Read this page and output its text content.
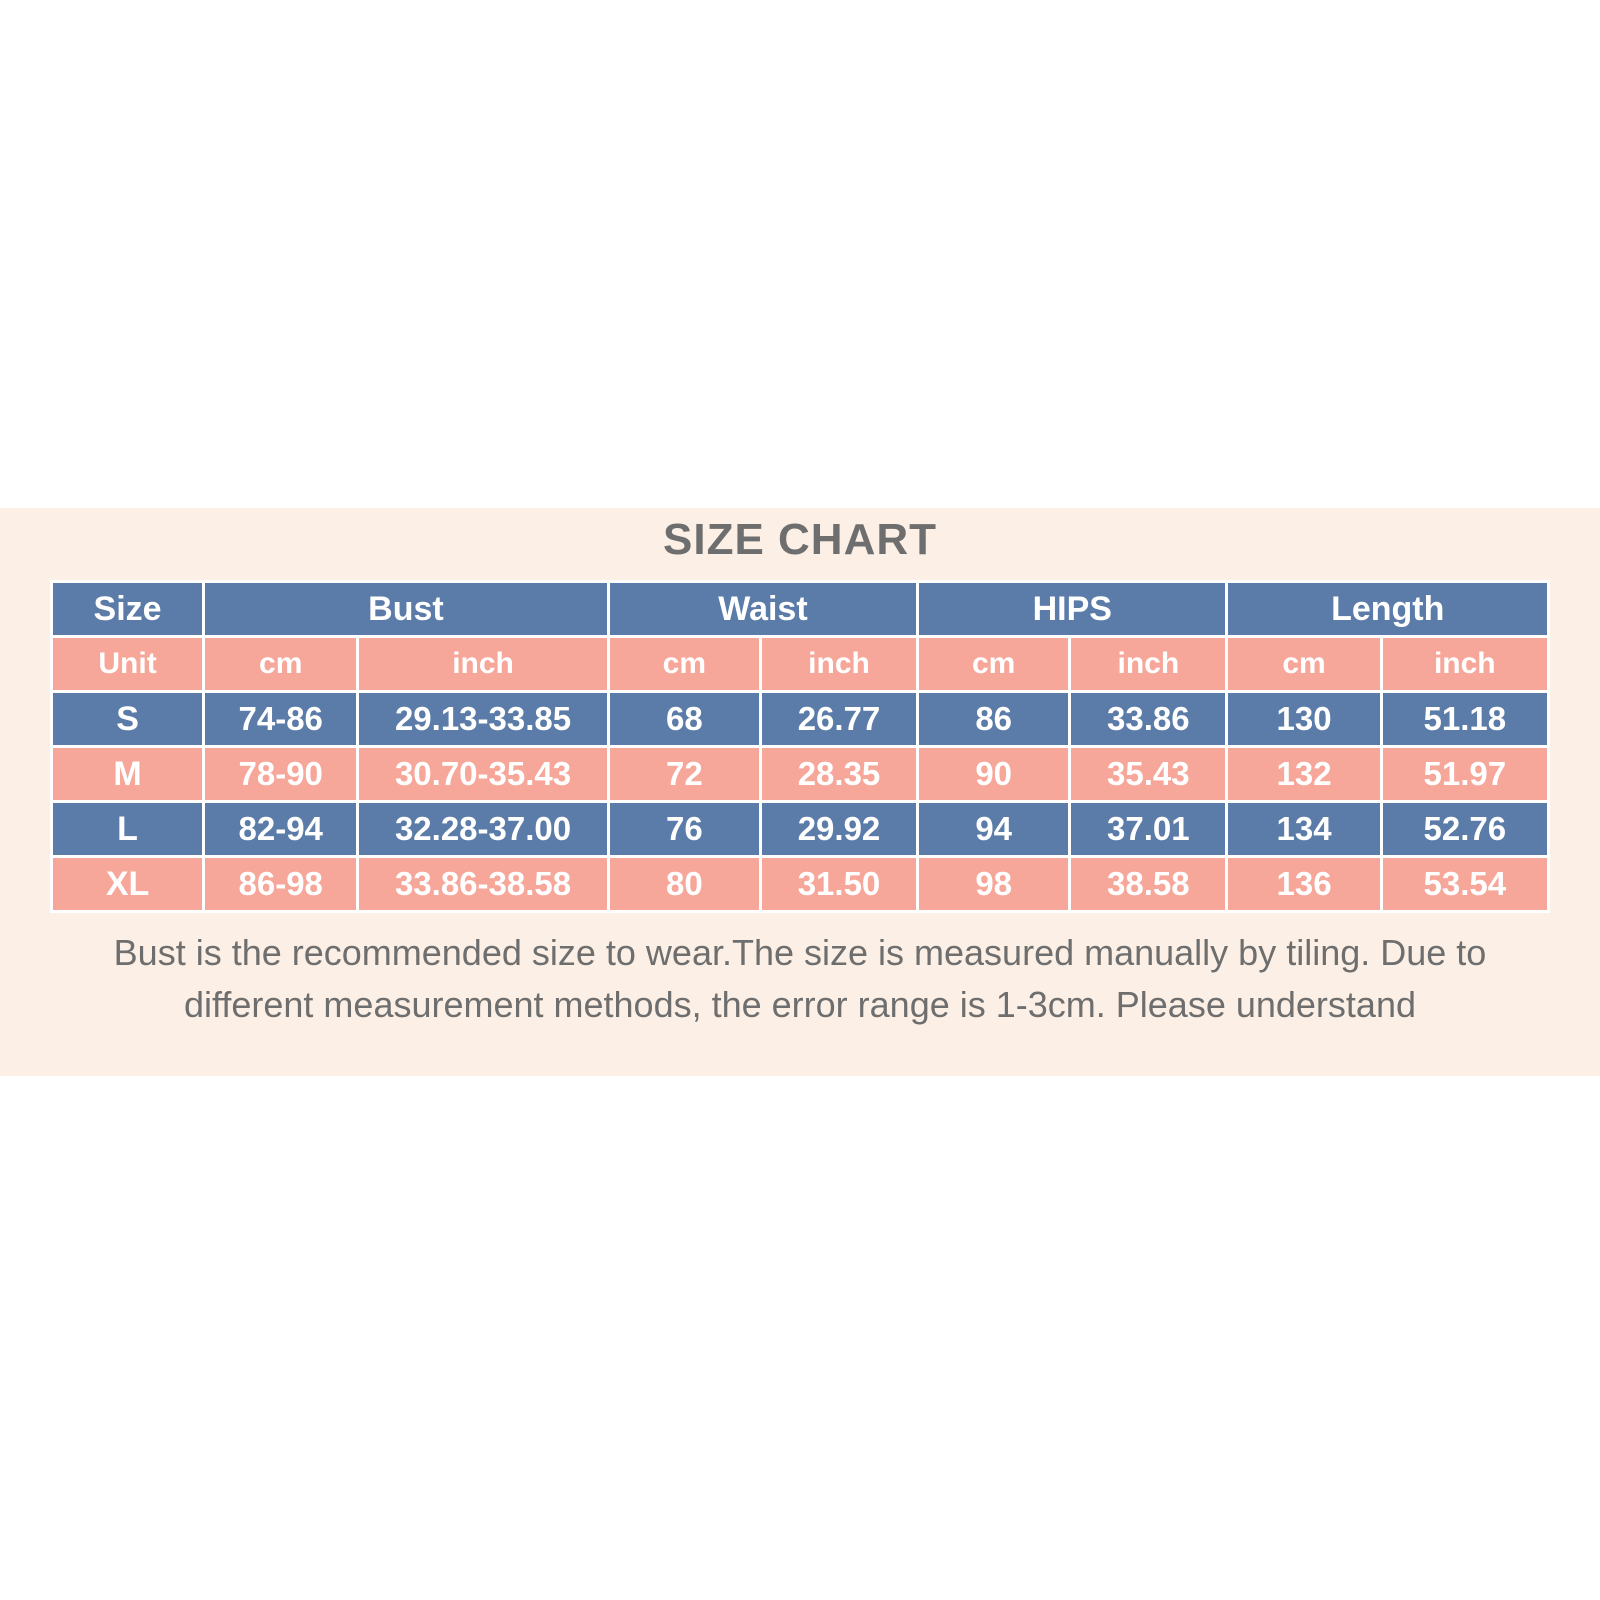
SIZE CHART
Size	Bust		Waist		HIPS		Length	
Unit	cm	inch	cm	inch	cm	inch	cm	inch
S	74-86	29.13-33.85	68	26.77	86	33.86	130	51.18
M	78-90	30.70-35.43	72	28.35	90	35.43	132	51.97
L	82-94	32.28-37.00	76	29.92	94	37.01	134	52.76
XL	86-98	33.86-38.58	80	31.50	98	38.58	136	53.54
Bust is the recommended size to wear.The size is measured manually by tiling. Due to different measurement methods, the error range is 1-3cm. Please understand
